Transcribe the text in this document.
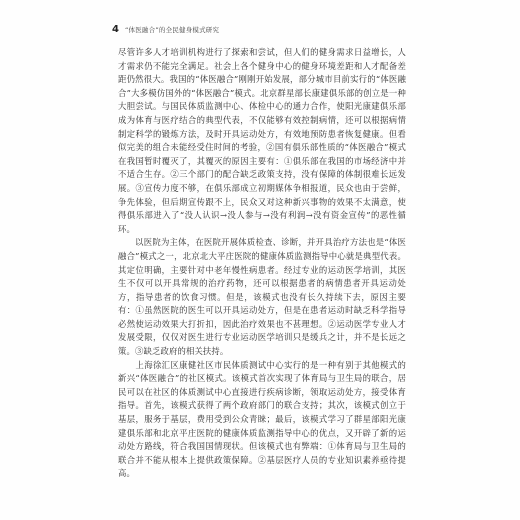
4 “体医融合”的全民健身模式研究

尽管许多人才培训机构进行了探索和尝试，但人们的健身需求日益增长，人才需求仍不能完全满足。社会上各个健身中心的健身环境差距和人才配备差距仍然很大。我国的“体医融合”刚刚开始发展，部分城市目前实行的“体医融合”大多模仿国外的“体医融合”模式。北京群星部长康建俱乐部的创立是一种大胆尝试。与国民体质监测中心、体检中心的通力合作，使阳光康建俱乐部成为体育与医疗结合的典型代表，不仅能够有效控制病情，还可以根据病情制定科学的锻炼方法，及时开具运动处方，有效地预防患者恢复健康。但看似完美的组合未能经受住时间的考验，②国有俱乐部性质的“体医融合”模式在我国暂时覆灭了，其覆灭的原因主要有：①俱乐部在我国的市场经济中并不适合生存。②三个部门的配合缺乏政策支持，没有保障的体制很难长远发展。③宣传力度不够，在俱乐部成立初期媒体争相报道，民众也由于尝鲜，争先体验，但后期宣传跟不上，民众又对这种新兴事物的效果不太满意，使得俱乐部进入了“没人认识→没人参与→没有利润→没有资金宣传”的恶性循环。

　　以医院为主体，在医院开展体质检查、诊断，并开具治疗方法也是“体医融合”模式之一，北京北大平庄医院的健康体质监测指导中心就是典型代表。其定位明确，主要针对中老年慢性病患者。经过专业的运动医学培训，其医生不仅可以开具常规的治疗药物，还可以根据患者的病情患者开具运动处方，指导患者的饮食习惯。但是，该模式也没有长久持续下去，原因主要有：①虽然医院的医生可以开具运动处方，但是在患者运动时缺乏科学指导必然使运动效果大打折扣，因此治疗效果也不甚理想。②运动医学专业人才发展受限，仅仅对医生进行专业运动医学培训只是缓兵之计，并不是长远之策。③缺乏政府的相关扶持。

　　上海徐汇区康健社区市民体质测试中心实行的是一种有别于其他模式的新兴“体医融合”的社区模式。该模式首次实现了体育局与卫生局的联合，居民可以在社区的体质测试中心直接进行疾病诊断，领取运动处方，接受体育指导。首先，该模式获得了两个政府部门的联合支持；其次，该模式创立于基层，服务于基层，费用受到公众青睐；最后，该模式学习了群星部阳光康建俱乐部和北京平庄医院的健康体质监测指导中心的优点，又开辟了新的运动处方路线，符合我国国情现状。但该模式也有弊端：①体育局与卫生局的联合并不能从根本上提供政策保障。②基层医疗人员的专业知识素养亟待提高。
